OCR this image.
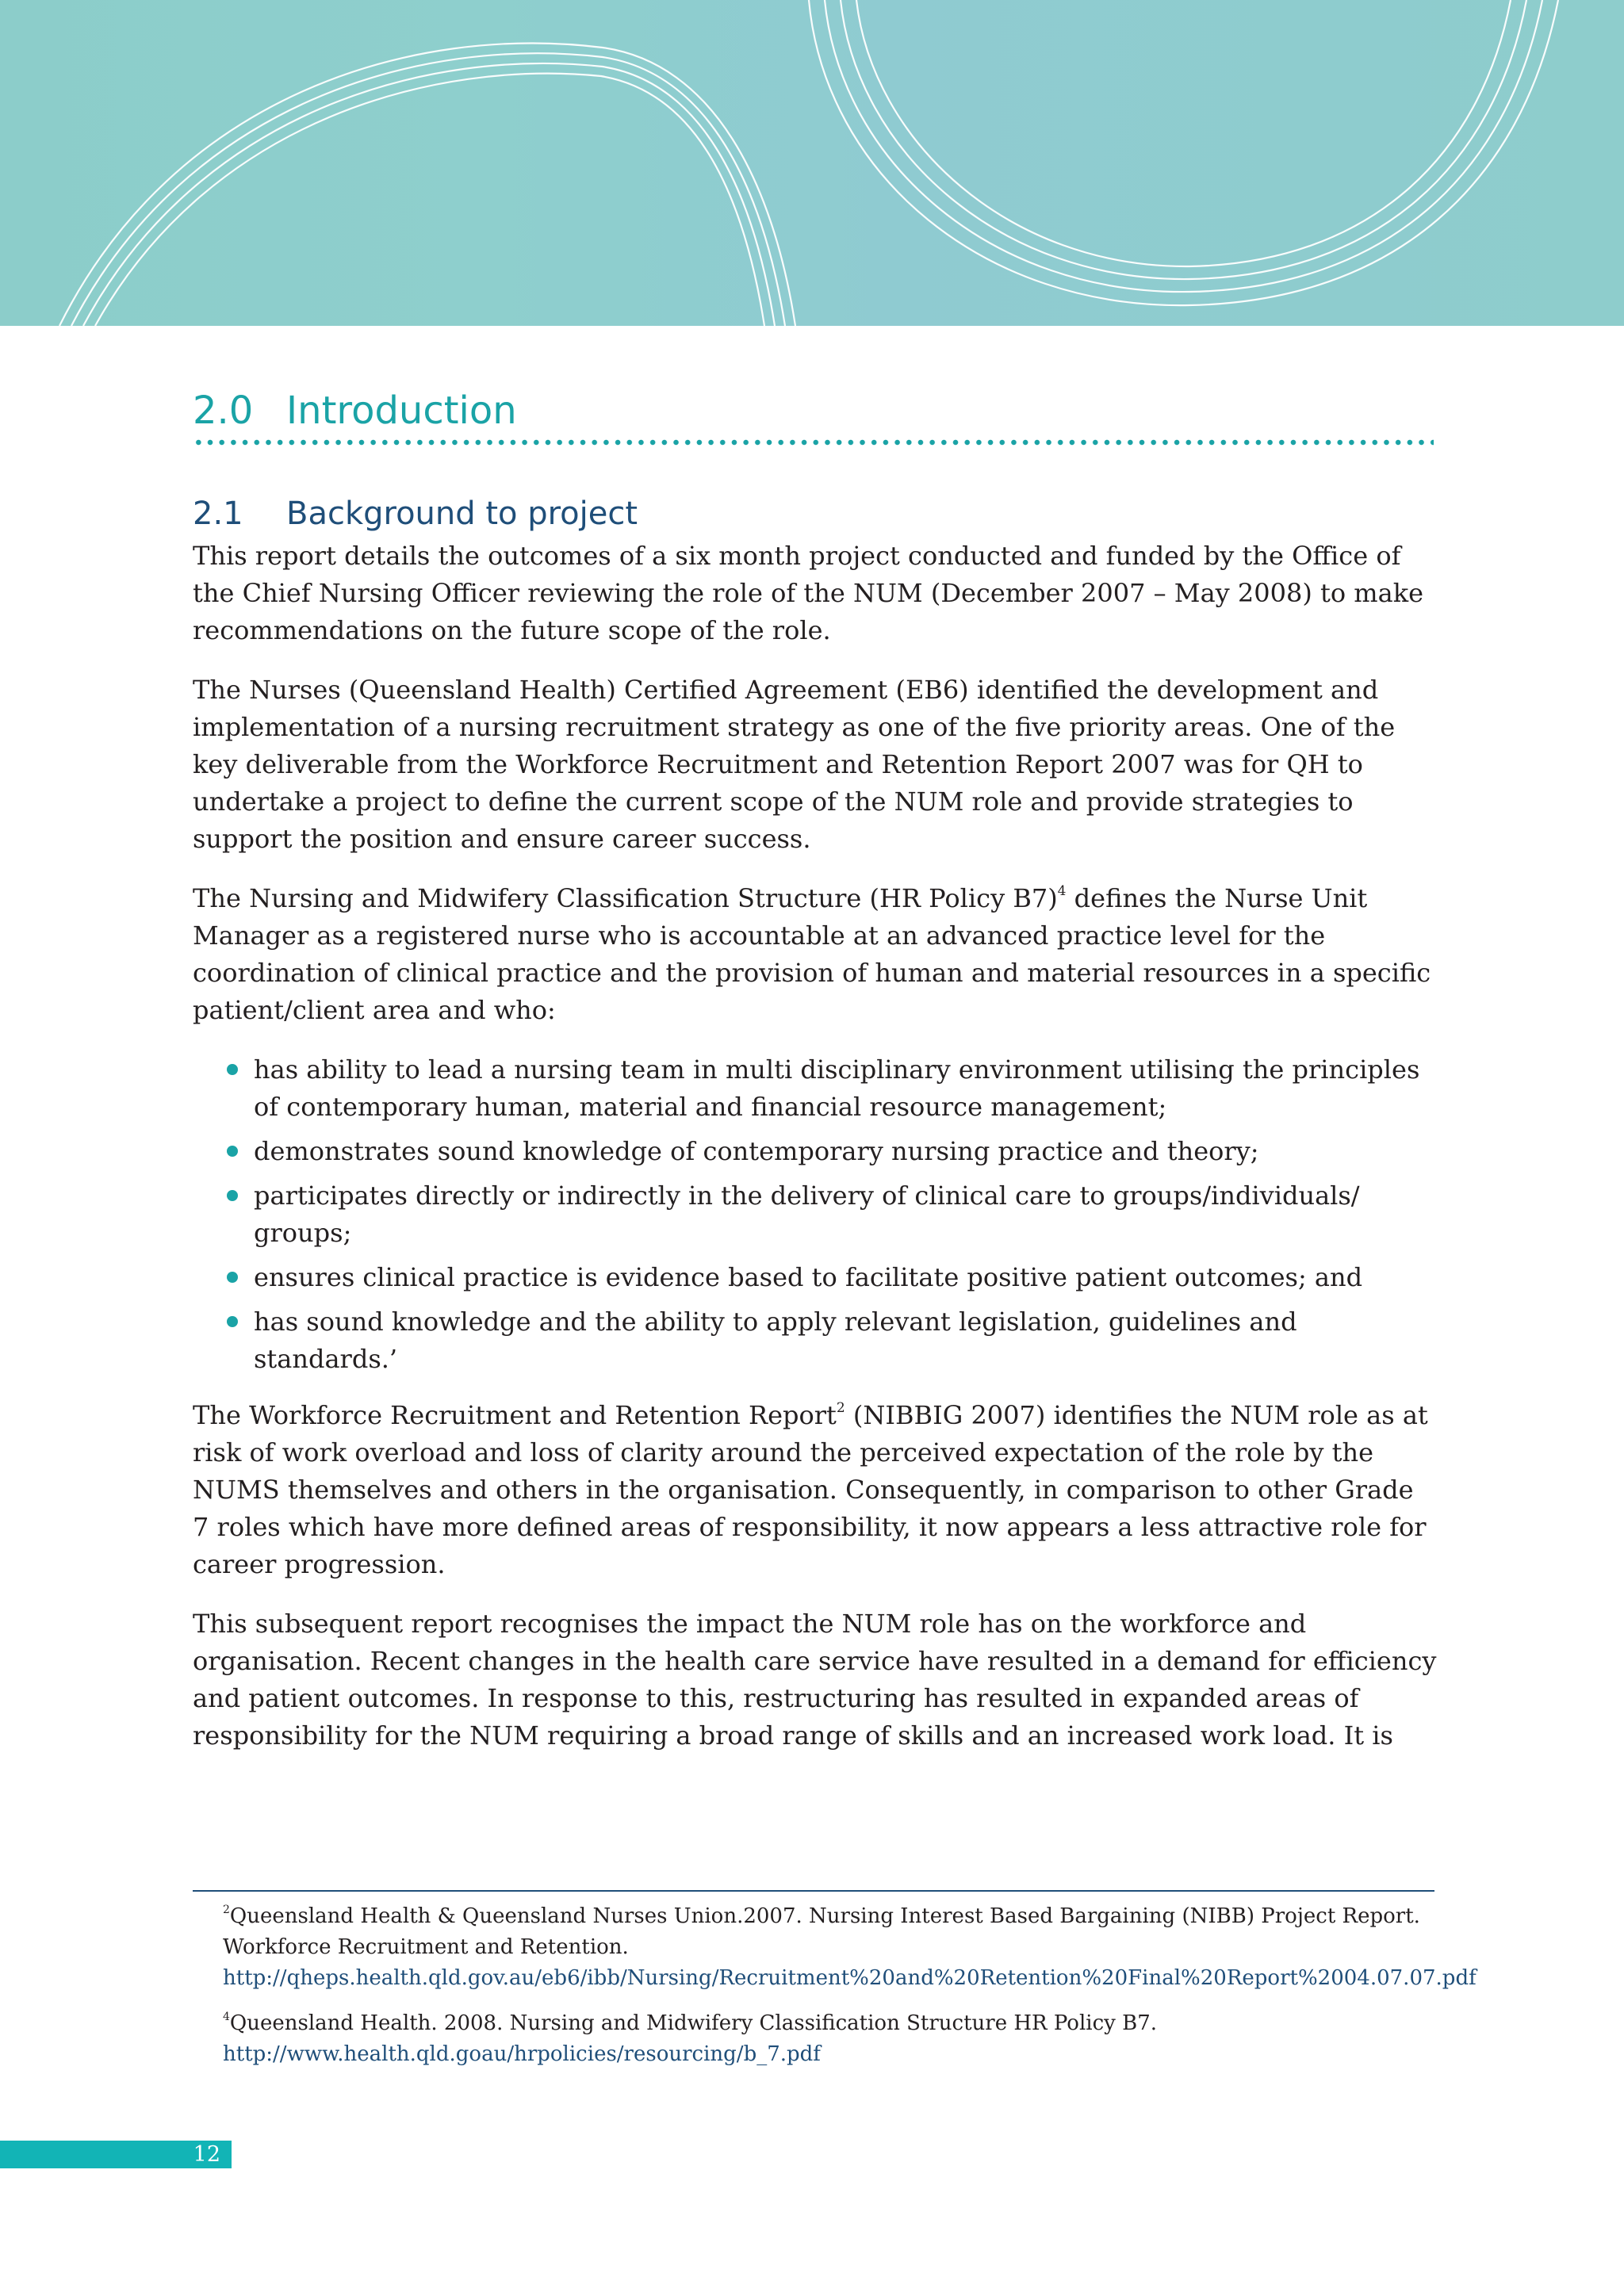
2.0 Introduction
2.1 Background to project

This report details the outcomes of a six month project conducted and funded by the Office of the Chief Nursing Officer reviewing the role of the NUM (December 2007 – May 2008) to make recommendations on the future scope of the role.

The Nurses (Queensland Health) Certified Agreement (EB6) identified the development and implementation of a nursing recruitment strategy as one of the five priority areas. One of the key deliverable from the Workforce Recruitment and Retention Report 2007 was for QH to undertake a project to define the current scope of the NUM role and provide strategies to support the position and ensure career success.

The Nursing and Midwifery Classification Structure (HR Policy B7)$^4$ defines the Nurse Unit Manager as a registered nurse who is accountable at an advanced practice level for the coordination of clinical practice and the provision of human and material resources in a specific patient/client area and who:

has ability to lead a nursing team in multi disciplinary environment utilising the principles of contemporary human, material and financial resource management;
demonstrates sound knowledge of contemporary nursing practice and theory;
participates directly or indirectly in the delivery of clinical care to groups/individuals/ groups;
ensures clinical practice is evidence based to facilitate positive patient outcomes; and
has sound knowledge and the ability to apply relevant legislation, guidelines and standards.’

The Workforce Recruitment and Retention Report$^2$ (NIBBIG 2007) identifies the NUM role as at risk of work overload and loss of clarity around the perceived expectation of the role by the NUMS themselves and others in the organisation. Consequently, in comparison to other Grade 7 roles which have more defined areas of responsibility, it now appears a less attractive role for career progression.

This subsequent report recognises the impact the NUM role has on the workforce and organisation. Recent changes in the health care service have resulted in a demand for efficiency and patient outcomes. In response to this, restructuring has resulted in expanded areas of responsibility for the NUM requiring a broad range of skills and an increased work load. It is

$^2$Queensland Health & Queensland Nurses Union.2007. Nursing Interest Based Bargaining (NIBB) Project Report. Workforce Recruitment and Retention.
http://qheps.health.qld.gov.au/eb6/ibb/Nursing/Recruitment%20and%20Retention%20Final%20Report%2004.07.07.pdf
$^4$Queensland Health. 2008. Nursing and Midwifery Classification Structure HR Policy B7.
http://www.health.qld.goau/hrpolicies/resourcing/b_7.pdf
12
